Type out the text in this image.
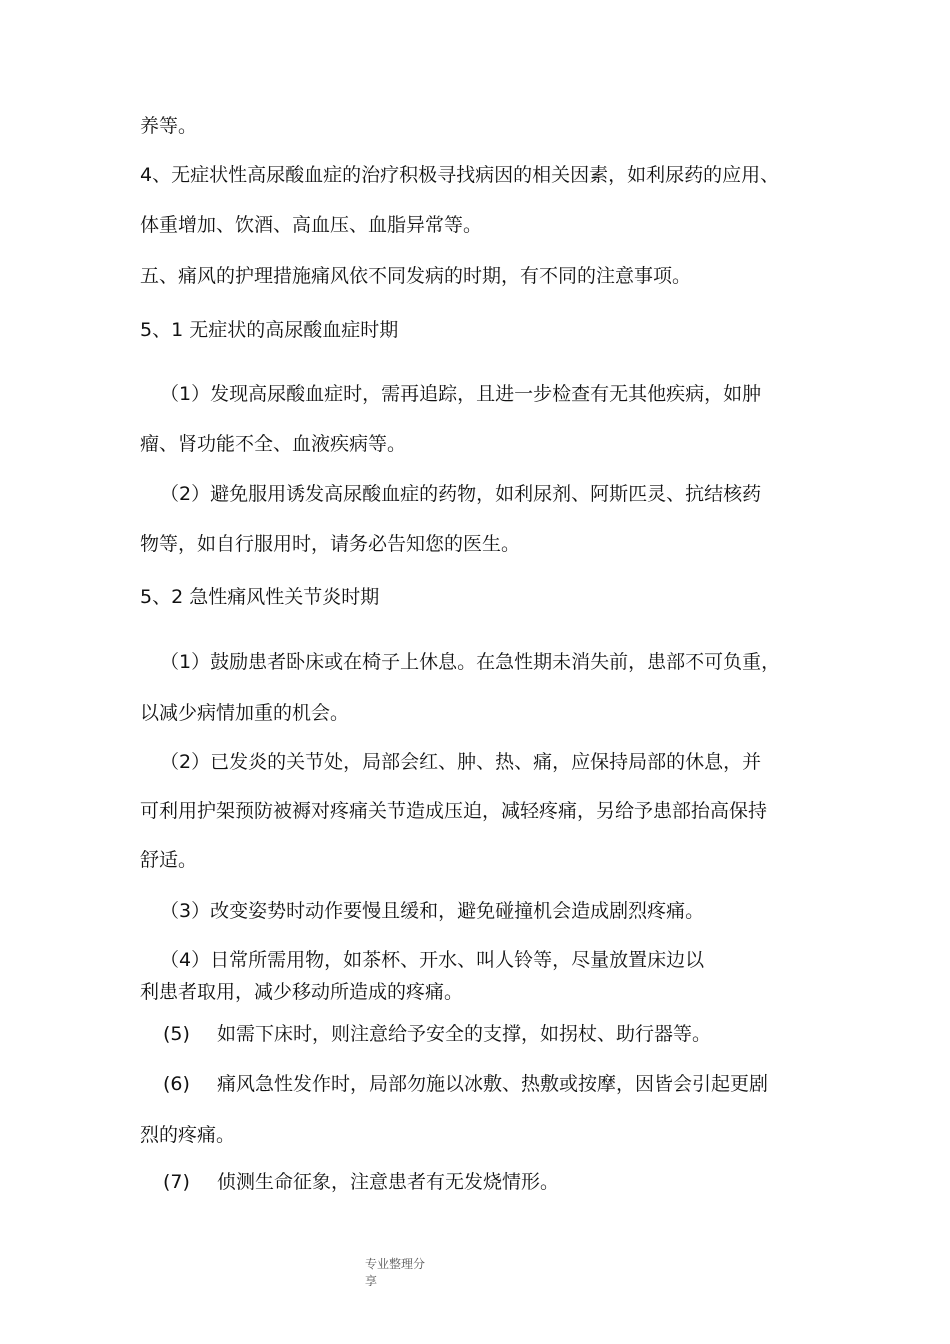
养等。
4、无症状性高尿酸血症的治疗积极寻找病因的相关因素，如利尿药的应用、
体重增加、饮酒、高血压、血脂异常等。
五、痛风的护理措施痛风依不同发病的时期，有不同的注意事项。
5、1 无症状的高尿酸血症时期
（1）发现高尿酸血症时，需再追踪，且进一步检查有无其他疾病，如肿
瘤、肾功能不全、血液疾病等。
（2）避免服用诱发高尿酸血症的药物，如利尿剂、阿斯匹灵、抗结核药
物等，如自行服用时，请务必告知您的医生。
5、2 急性痛风性关节炎时期
（1）鼓励患者卧床或在椅子上休息。在急性期未消失前，患部不可负重，
以减少病情加重的机会。
（2）已发炎的关节处，局部会红、肿、热、痛，应保持局部的休息，并
可利用护架预防被褥对疼痛关节造成压迫，减轻疼痛，另给予患部抬高保持
舒适。
（3）改变姿势时动作要慢且缓和，避免碰撞机会造成剧烈疼痛。
（4）日常所需用物，如茶杯、开水、叫人铃等，尽量放置床边以
利患者取用，减少移动所造成的疼痛。
(5) 如需下床时，则注意给予安全的支撑，如拐杖、助行器等。
(6) 痛风急性发作时，局部勿施以冰敷、热敷或按摩，因皆会引起更剧
烈的疼痛。
(7) 侦测生命征象，注意患者有无发烧情形。
专业整理分
享
